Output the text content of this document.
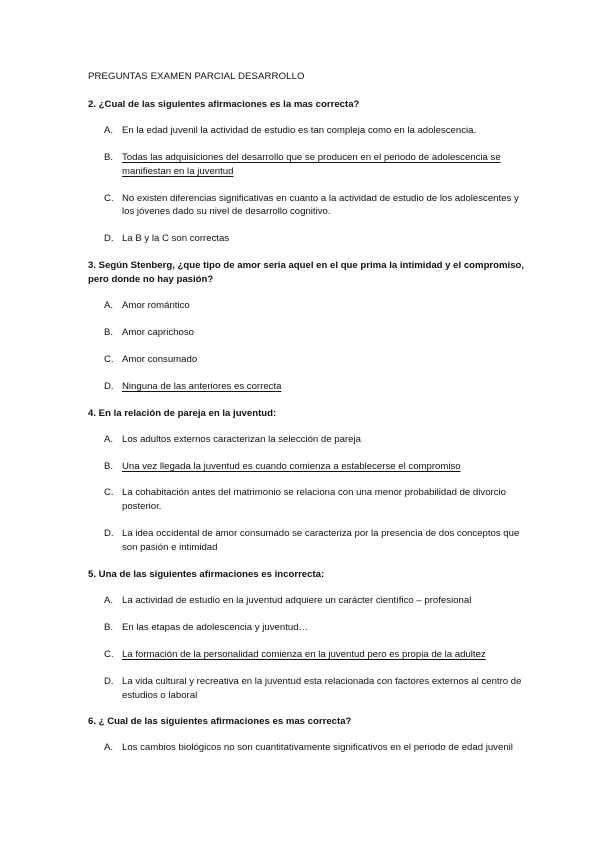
PREGUNTAS EXAMEN PARCIAL DESARROLLO
2. ¿Cual de las siguientes afirmaciones es la mas correcta?
A. En la edad juvenil la actividad de estudio es tan compleja como en la adolescencia.
B. Todas las adquisiciones del desarrollo que se producen en el periodo de adolescencia se manifiestan en la juventud
C. No existen diferencias significativas en cuanto a la actividad de estudio de los adolescentes y los jóvenes dado su nivel de desarrollo cognitivo.
D. La B y la C son correctas
3. Según Stenberg, ¿que tipo de amor seria aquel en el que prima la intimidad y el compromiso, pero donde no hay pasión?
A. Amor romántico
B. Amor caprichoso
C. Amor consumado
D. Ninguna de las anteriores es correcta
4. En la relación de pareja en la juventud:
A. Los adultos externos caracterizan la selección de pareja
B. Una vez llegada la juventud es cuando comienza a establecerse el compromiso
C. La cohabitación antes del matrimonio se relaciona con una menor probabilidad de divorcio posterior.
D. La idea occidental de amor consumado se caracteriza por la presencia de dos conceptos que son pasión e intimidad
5. Una de las siguientes afirmaciones es incorrecta:
A. La actividad de estudio en la juventud adquiere un carácter científico – profesional
B. En las etapas de adolescencia y juventud…
C. La formación de la personalidad comienza en la juventud pero es propia de la adultez
D. La vida cultural y recreativa en la juventud esta relacionada con factores externos al centro de estudios o laboral
6. ¿ Cual de las siguientes afirmaciones es mas correcta?
A. Los cambios biológicos no son cuantitativamente significativos en el periodo de edad juvenil
